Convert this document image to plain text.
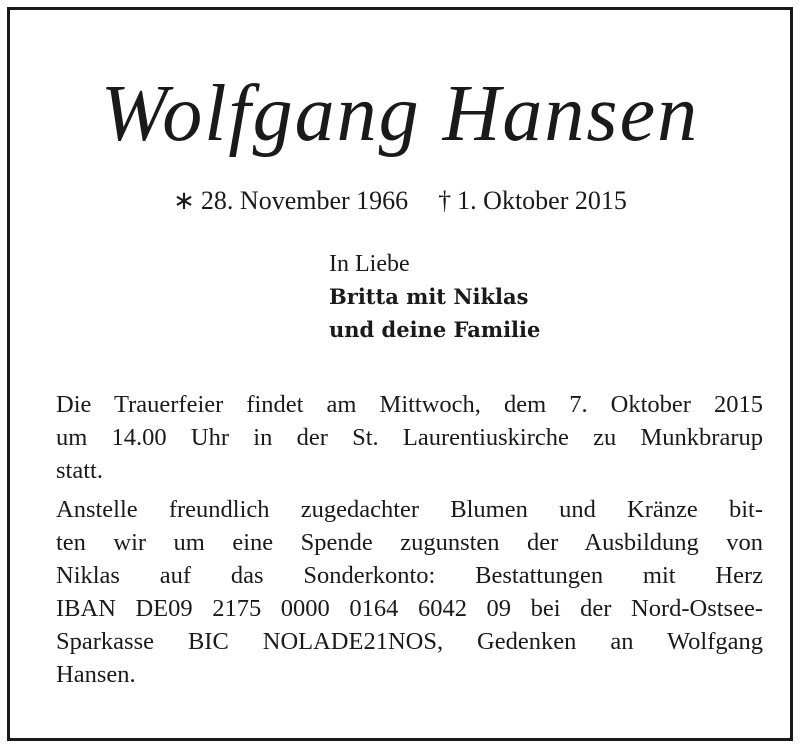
Wolfgang Hansen
∗ 28. November 1966 † 1. Oktober 2015
In Liebe
Britta mit Niklas
und deine Familie
Die Trauerfeier findet am Mittwoch, dem 7. Oktober 2015
um 14.00 Uhr in der St. Laurentiuskirche zu Munkbrarup
statt.
Anstelle freundlich zugedachter Blumen und Kränze bit-
ten wir um eine Spende zugunsten der Ausbildung von
Niklas auf das Sonderkonto: Bestattungen mit Herz
IBAN DE09 2175 0000 0164 6042 09 bei der Nord-Ostsee-
Sparkasse BIC NOLADE21NOS, Gedenken an Wolfgang
Hansen.
